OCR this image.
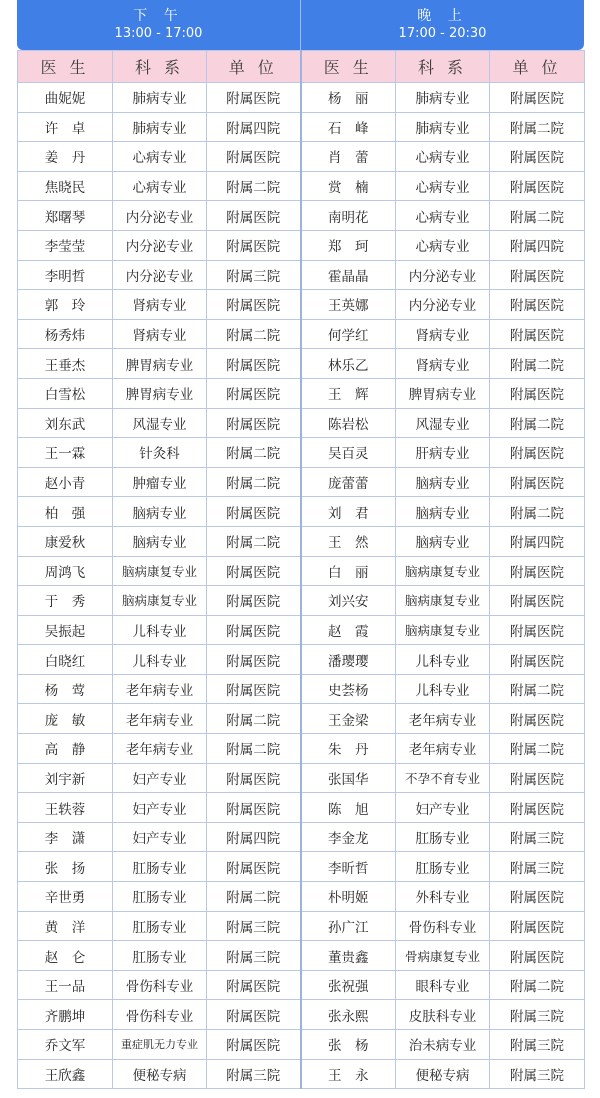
下 午
13:00 - 17:00
晚 上
17:00 - 20:30
医 生	科 系	单 位	医 生	科 系	单 位
曲妮妮	肺病专业	附属医院	杨　丽	肺病专业	附属医院
许　卓	肺病专业	附属四院	石　峰	肺病专业	附属二院
姜　丹	心病专业	附属医院	肖　蕾	心病专业	附属医院
焦晓民	心病专业	附属二院	赏　楠	心病专业	附属医院
郑曙琴	内分泌专业	附属医院	南明花	心病专业	附属二院
李莹莹	内分泌专业	附属医院	郑　珂	心病专业	附属四院
李明哲	内分泌专业	附属三院	霍晶晶	内分泌专业	附属医院
郭　玲	肾病专业	附属医院	王英娜	内分泌专业	附属医院
杨秀炜	肾病专业	附属二院	何学红	肾病专业	附属医院
王垂杰	脾胃病专业	附属医院	林乐乙	肾病专业	附属二院
白雪松	脾胃病专业	附属医院	王　辉	脾胃病专业	附属医院
刘东武	风湿专业	附属医院	陈岩松	风湿专业	附属二院
王一霖	针灸科	附属二院	吴百灵	肝病专业	附属医院
赵小青	肿瘤专业	附属二院	庞蕾蕾	脑病专业	附属医院
柏　强	脑病专业	附属医院	刘　君	脑病专业	附属二院
康爱秋	脑病专业	附属二院	王　然	脑病专业	附属四院
周鸿飞	脑病康复专业	附属医院	白　丽	脑病康复专业	附属医院
于　秀	脑病康复专业	附属医院	刘兴安	脑病康复专业	附属医院
吴振起	儿科专业	附属医院	赵　霞	脑病康复专业	附属医院
白晓红	儿科专业	附属医院	潘璎璎	儿科专业	附属医院
杨　莺	老年病专业	附属医院	史荟杨	儿科专业	附属二院
庞　敏	老年病专业	附属二院	王金梁	老年病专业	附属医院
高　静	老年病专业	附属二院	朱　丹	老年病专业	附属二院
刘宇新	妇产专业	附属医院	张国华	不孕不育专业	附属医院
王轶蓉	妇产专业	附属医院	陈　旭	妇产专业	附属医院
李　潇	妇产专业	附属四院	李金龙	肛肠专业	附属三院
张　扬	肛肠专业	附属医院	李昕哲	肛肠专业	附属三院
辛世勇	肛肠专业	附属二院	朴明姬	外科专业	附属医院
黄　洋	肛肠专业	附属三院	孙广江	骨伤科专业	附属医院
赵　仑	肛肠专业	附属三院	董贵鑫	骨病康复专业	附属医院
王一品	骨伤科专业	附属医院	张祝强	眼科专业	附属二院
齐鹏坤	骨伤科专业	附属医院	张永熙	皮肤科专业	附属三院
乔文军	重症肌无力专业	附属医院	张　杨	治未病专业	附属三院
王欣鑫	便秘专病	附属三院	王　永	便秘专病	附属三院
